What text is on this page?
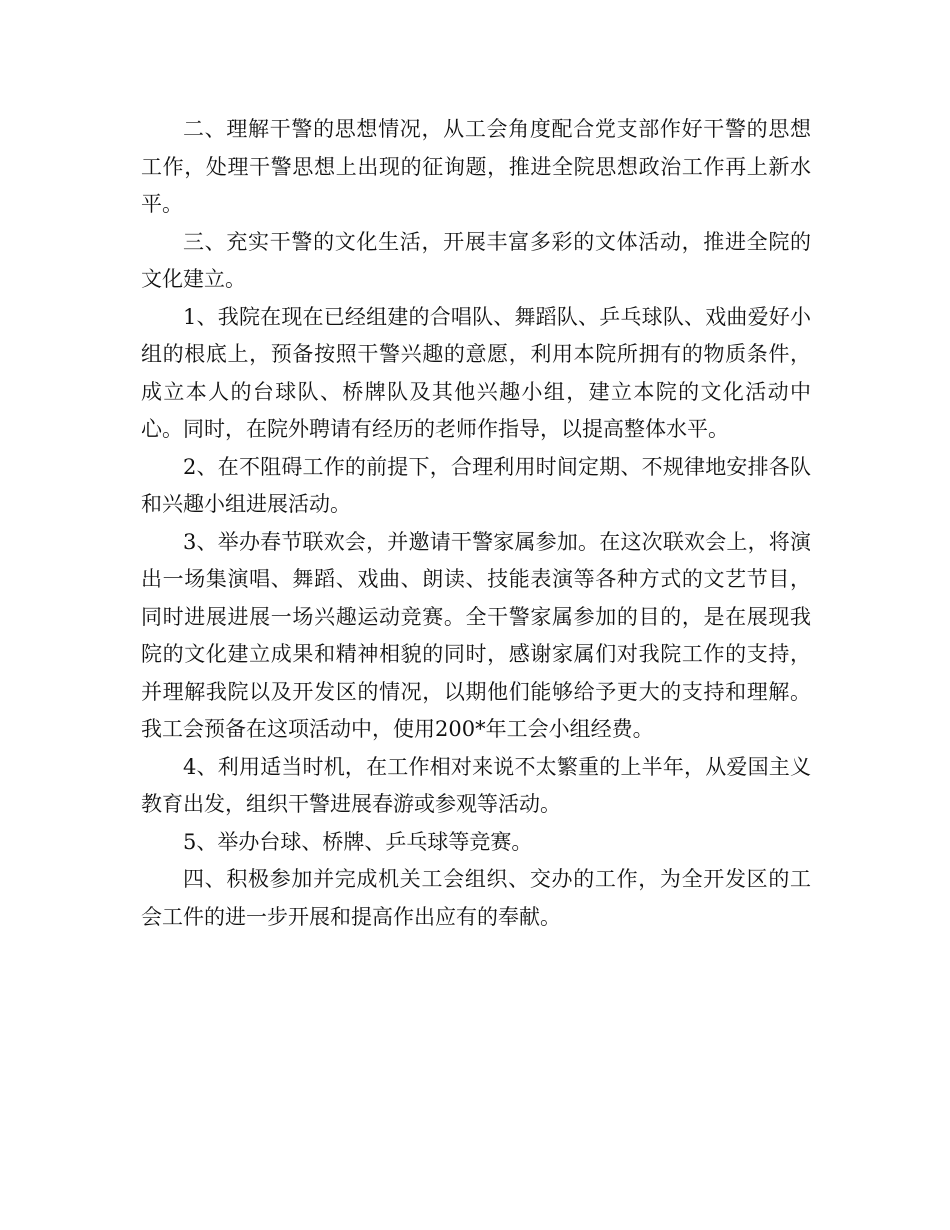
二、理解干警的思想情况，从工会角度配合党支部作好干警的思想工作，处理干警思想上出现的征询题，推进全院思想政治工作再上新水平。

三、充实干警的文化生活，开展丰富多彩的文体活动，推进全院的文化建立。

1、我院在现在已经组建的合唱队、舞蹈队、乒乓球队、戏曲爱好小组的根底上，预备按照干警兴趣的意愿，利用本院所拥有的物质条件，成立本人的台球队、桥牌队及其他兴趣小组，建立本院的文化活动中心。同时，在院外聘请有经历的老师作指导，以提高整体水平。

2、在不阻碍工作的前提下，合理利用时间定期、不规律地安排各队和兴趣小组进展活动。

3、举办春节联欢会，并邀请干警家属参加。在这次联欢会上，将演出一场集演唱、舞蹈、戏曲、朗读、技能表演等各种方式的文艺节目，同时进展进展一场兴趣运动竞赛。全干警家属参加的目的，是在展现我院的文化建立成果和精神相貌的同时，感谢家属们对我院工作的支持，并理解我院以及开发区的情况，以期他们能够给予更大的支持和理解。我工会预备在这项活动中，使用200*年工会小组经费。

4、利用适当时机，在工作相对来说不太繁重的上半年，从爱国主义教育出发，组织干警进展春游或参观等活动。

5、举办台球、桥牌、乒乓球等竞赛。

四、积极参加并完成机关工会组织、交办的工作，为全开发区的工会工件的进一步开展和提高作出应有的奉献。
